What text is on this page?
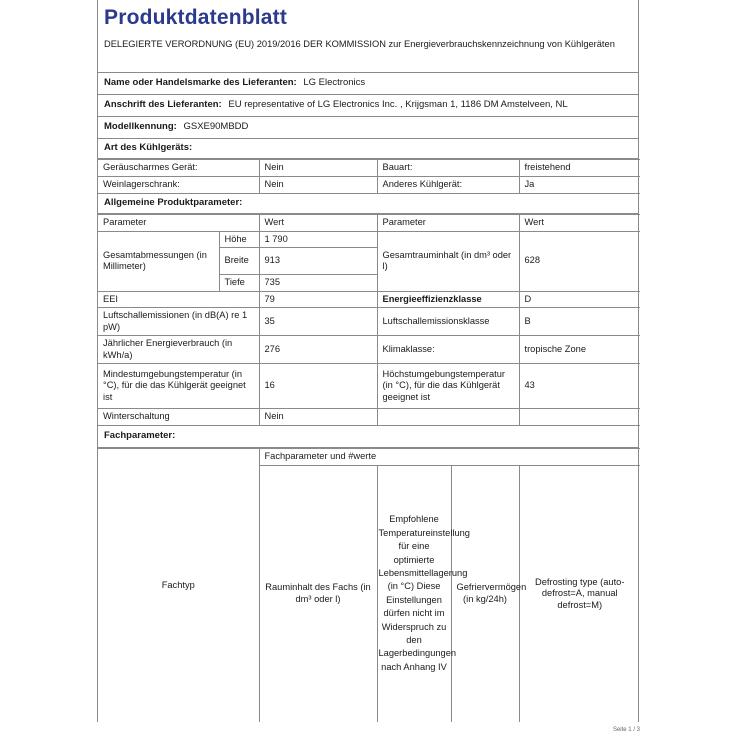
Produktdatenblatt
DELEGIERTE VERORDNUNG (EU) 2019/2016 DER KOMMISSION zur Energieverbrauchskennzeichnung von Kühlgeräten
Name oder Handelsmarke des Lieferanten: LG Electronics
Anschrift des Lieferanten: EU representative of LG Electronics Inc. , Krijgsman 1, 1186 DM Amstelveen, NL
Modellkennung: GSXE90MBDD
Art des Kühlgeräts:
Geräuscharmes Gerät:	Nein	Bauart:	freistehend
Weinlagerschrank:	Nein	Anderes Kühlgerät:	Ja
Allgemeine Produktparameter:
Parameter		Wert	Parameter	Wert
Gesamtabmessungen (in Millimeter)	Höhe	1 790	Gesamtrauminhalt (in dm³ oder l)	628
	Breite	913		
	Tiefe	735		
EEI		79	Energieeffizienzklasse	D
Luftschallemissionen (in dB(A) re 1 pW)		35	Luftschallemissionsklasse	B
Jährlicher Energieverbrauch (in kWh/a)		276	Klimaklasse:	tropische Zone
Mindestumgebungstemperatur (in °C), für die das Kühlgerät geeignet ist		16	Höchstumgebungstemperatur (in °C), für die das Kühlgerät geeignet ist	43
Winterschaltung		Nein		
Fachparameter:
Fachtyp	Fachparameter und #werte			
	Rauminhalt des Fachs (in dm³ oder l)	Empfohlene Temperatureinstellung für eine optimierte Lebensmittellagerung (in °C) Diese Einstellungen dürfen nicht im Widerspruch zu den Lagerbedingungen nach Anhang IV	Gefriervermögen (in kg/24h)	Defrosting type (auto-defrost=A, manual defrost=M)
Seite 1 / 3
